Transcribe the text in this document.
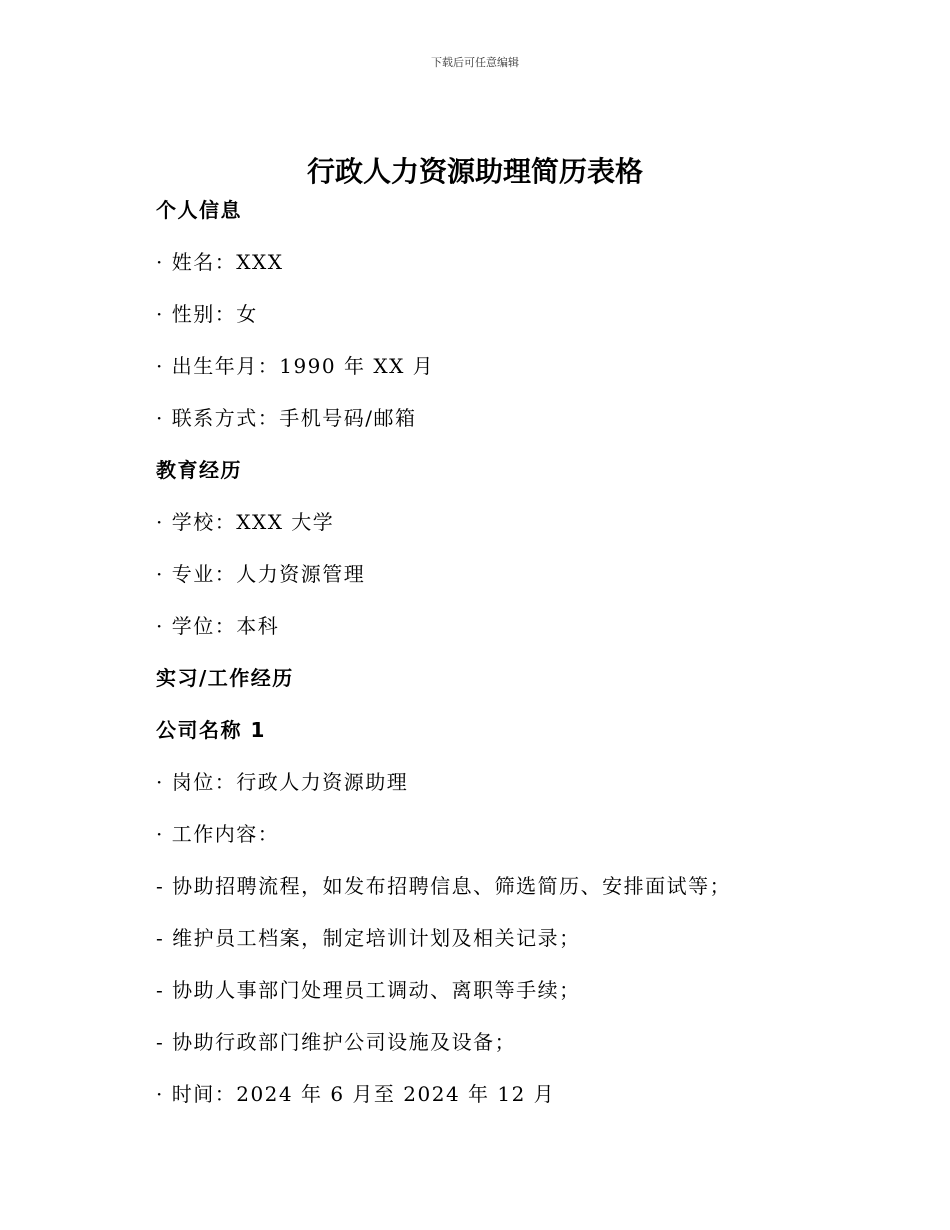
下载后可任意编辑
行政人力资源助理简历表格
个人信息
· 姓名：XXX
· 性别：女
· 出生年月：1990 年 XX 月
· 联系方式：手机号码/邮箱
教育经历
· 学校：XXX 大学
· 专业：人力资源管理
· 学位：本科
实习/工作经历
公司名称 1
· 岗位：行政人力资源助理
· 工作内容：
- 协助招聘流程，如发布招聘信息、筛选简历、安排面试等；
- 维护员工档案，制定培训计划及相关记录；
- 协助人事部门处理员工调动、离职等手续；
- 协助行政部门维护公司设施及设备；
· 时间：2024 年 6 月至 2024 年 12 月
